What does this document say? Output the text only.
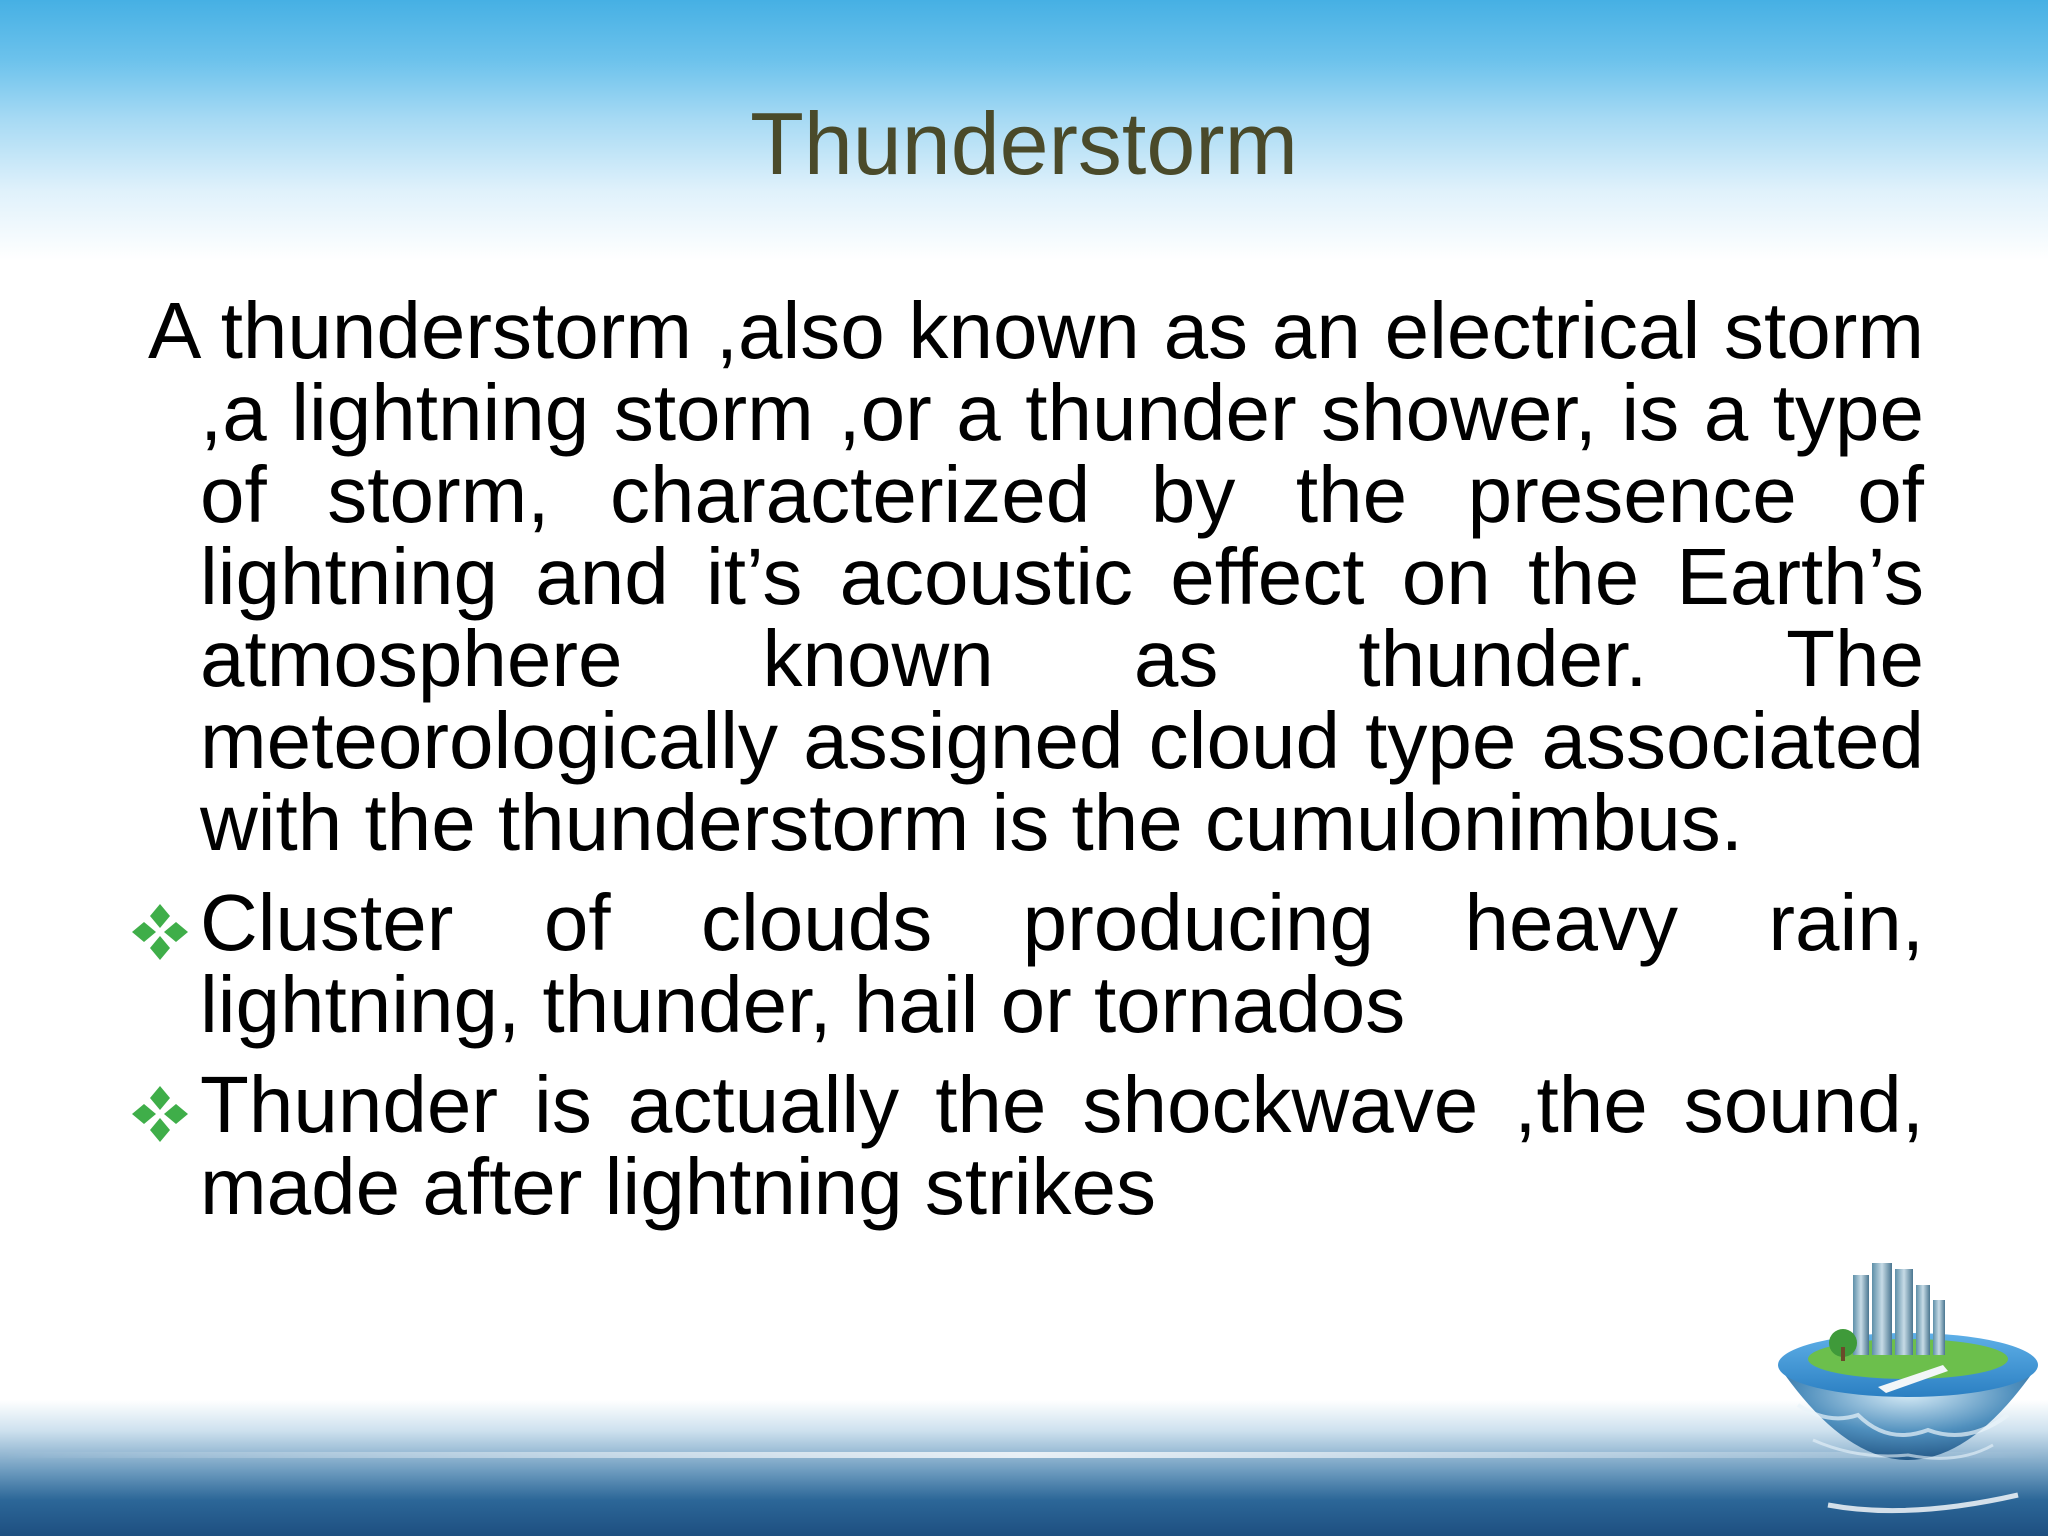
Thunderstorm

A thunderstorm ,also known as an electrical storm ,a lightning storm ,or a thunder shower, is a type of storm, characterized by the presence of lightning and it’s acoustic effect on the Earth’s atmosphere known as thunder. The meteorologically assigned cloud type associated with the thunderstorm is the cumulonimbus.

Cluster of clouds producing heavy rain, lightning, thunder, hail or tornados
Thunder is actually the shockwave ,the sound, made after lightning strikes
